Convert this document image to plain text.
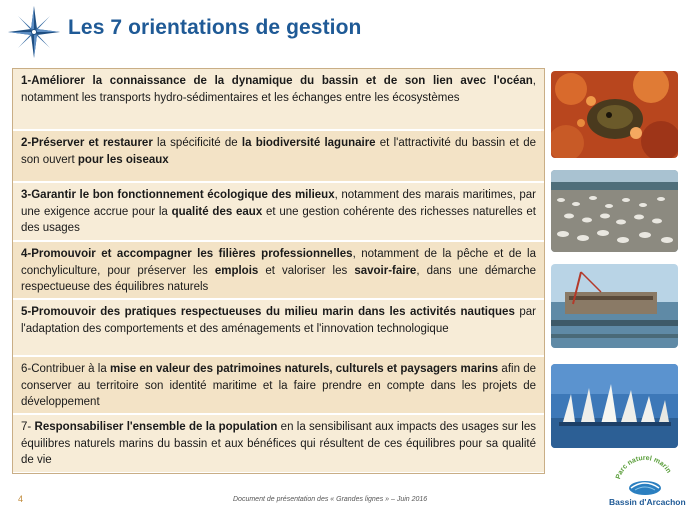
Les 7 orientations de gestion
1-Améliorer la connaissance de la dynamique du bassin et de son lien avec l'océan, notamment les transports hydro-sédimentaires et les échanges entre les écosystèmes
2-Préserver et restaurer la spécificité de la biodiversité lagunaire et l'attractivité du bassin et de son ouvert pour les oiseaux
3-Garantir le bon fonctionnement écologique des milieux, notamment des marais maritimes, par une exigence accrue pour la qualité des eaux et une gestion cohérente des richesses naturelles et des usages
4-Promouvoir et accompagner les filières professionnelles, notamment de la pêche et de la conchyliculture, pour préserver les emplois et valoriser les savoir-faire, dans une démarche respectueuse des équilibres naturels
5-Promouvoir des pratiques respectueuses du milieu marin dans les activités nautiques par l'adaptation des comportements et des aménagements et l'innovation technologique
6-Contribuer à la mise en valeur des patrimoines naturels, culturels et paysagers marins afin de conserver au territoire son identité maritime et la faire prendre en compte dans les projets de développement
7- Responsabiliser l'ensemble de la population en la sensibilisant aux impacts des usages sur les équilibres naturels marins du bassin et aux bénéfices qui résultent de ces équilibres pour sa qualité de vie
4	Document de présentation des « Grandes lignes » – Juin 2016
Parc naturel marin
Bassin d'Arcachon
